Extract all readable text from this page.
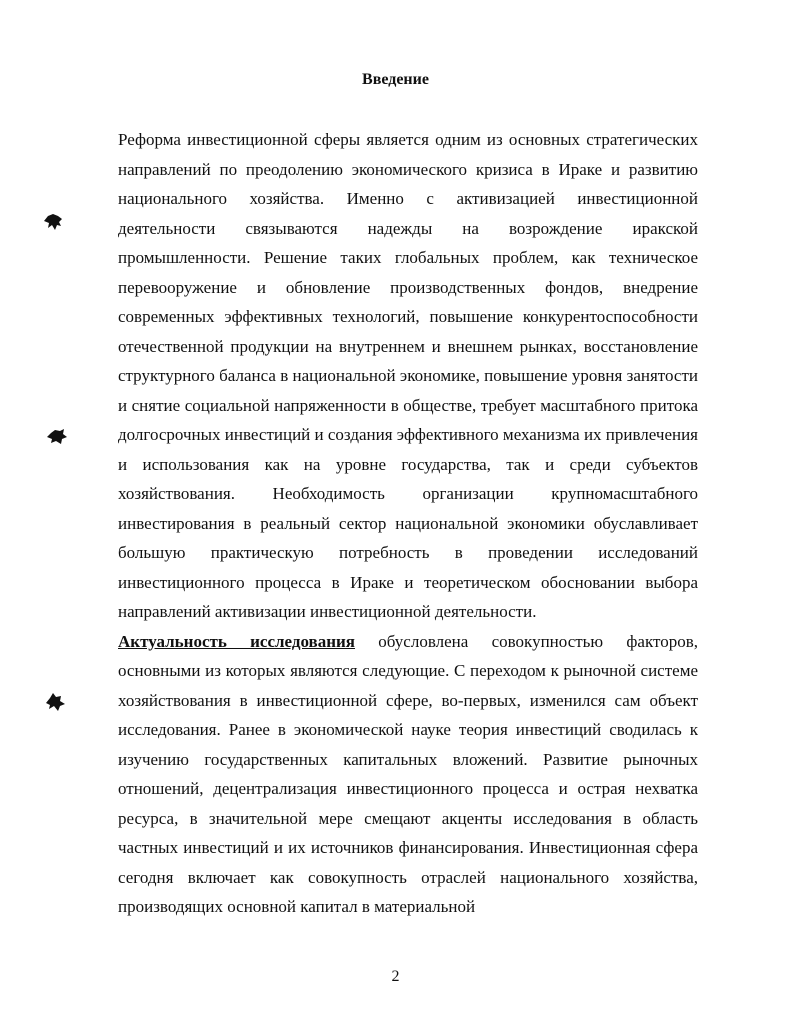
Введение

Реформа инвестиционной сферы является одним из основных стратегических направлений по преодолению экономического кризиса в Ираке и развитию национального хозяйства. Именно с активизацией инвестиционной деятельности связываются надежды на возрождение иракской промышленности. Решение таких глобальных проблем, как техническое перевооружение и обновление производственных фондов, внедрение современных эффективных технологий, повышение конкурентоспособности отечественной продукции на внутреннем и внешнем рынках, восстановление структурного баланса в национальной экономике, повышение уровня занятости и снятие социальной напряженности в обществе, требует масштабного притока долгосрочных инвестиций и создания эффективного механизма их привлечения и использования как на уровне государства, так и среди субъектов хозяйствования. Необходимость организации крупномасштабного инвестирования в реальный сектор национальной экономики обуславливает большую практическую потребность в проведении исследований инвестиционного процесса в Ираке и теоретическом обосновании выбора направлений активизации инвестиционной деятельности.

Актуальность исследования обусловлена совокупностью факторов, основными из которых являются следующие. С переходом к рыночной системе хозяйствования в инвестиционной сфере, во-первых, изменился сам объект исследования. Ранее в экономической науке теория инвестиций сводилась к изучению государственных капитальных вложений. Развитие рыночных отношений, децентрализация инвестиционного процесса и острая нехватка ресурса, в значительной мере смещают акценты исследования в область частных инвестиций и их источников финансирования. Инвестиционная сфера сегодня включает как совокупность отраслей национального хозяйства, производящих основной капитал в материальной

2
